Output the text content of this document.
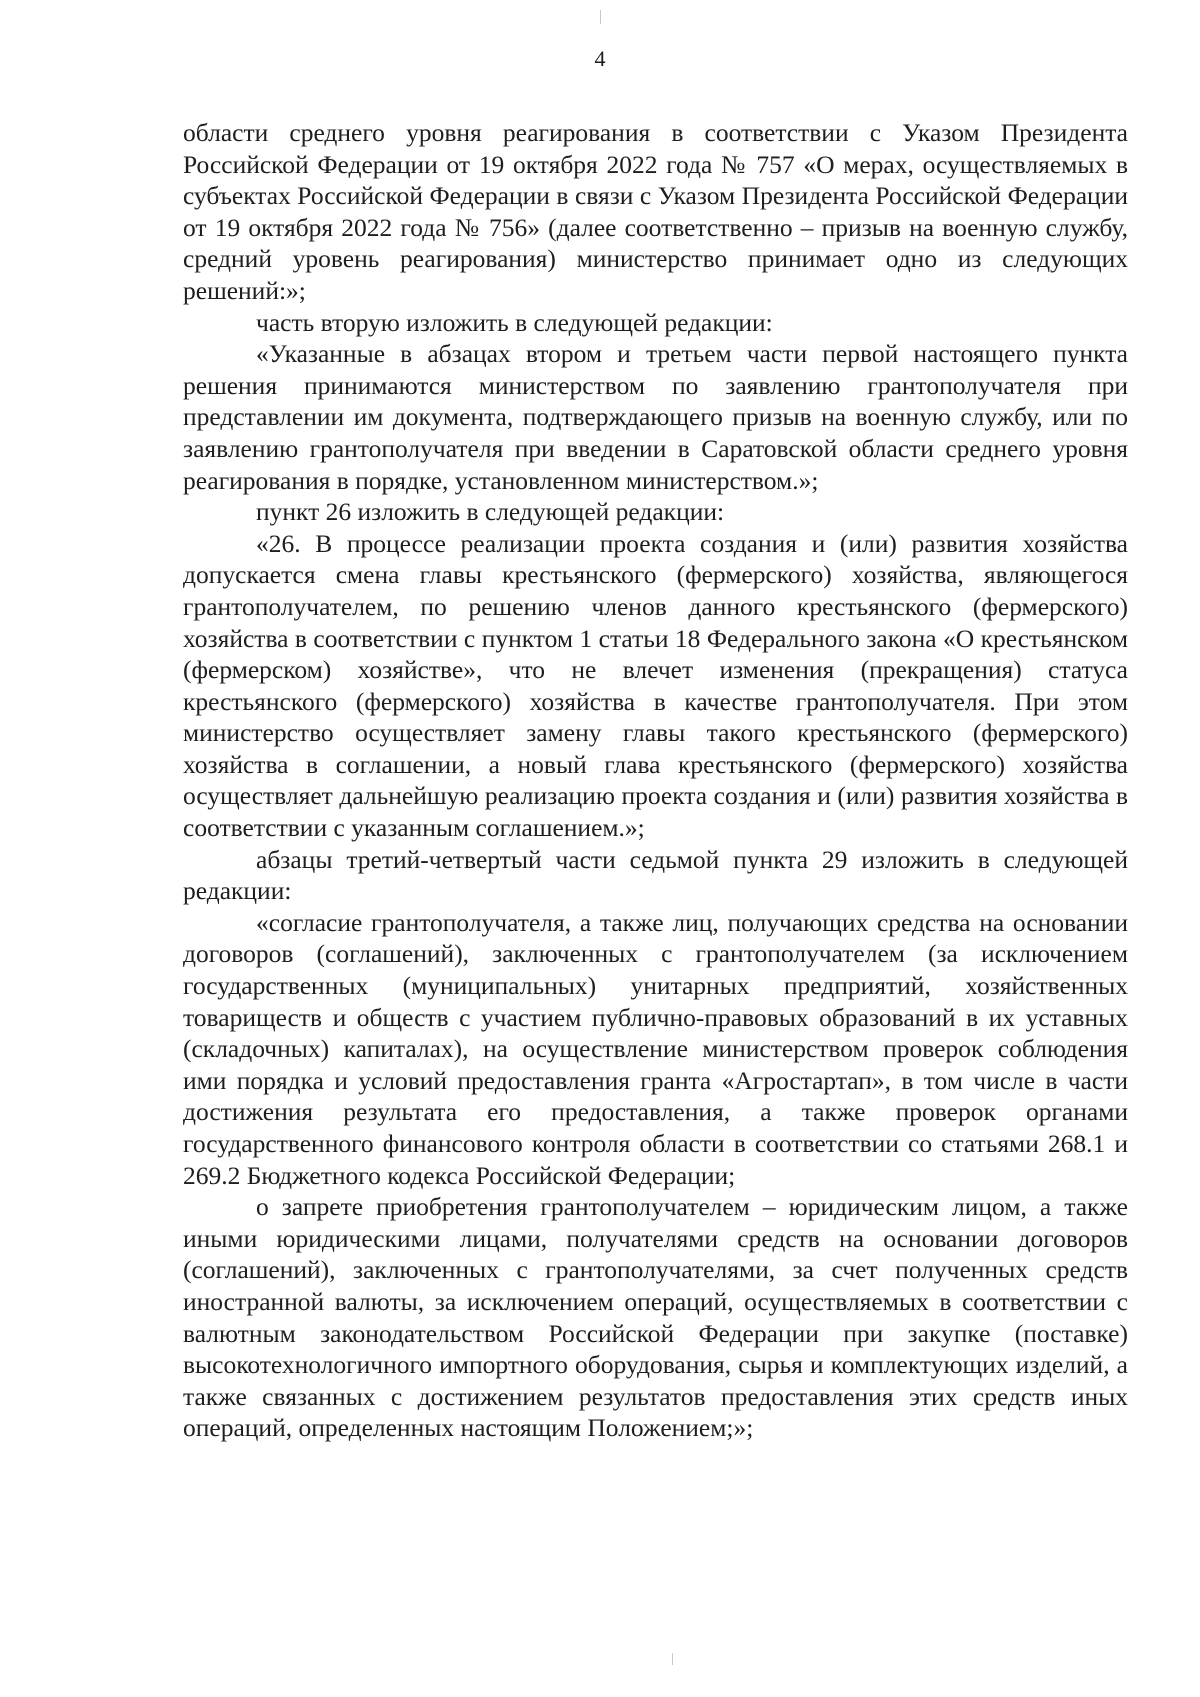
4

области среднего уровня реагирования в соответствии с Указом Президента Российской Федерации от 19 октября 2022 года № 757 «О мерах, осуществляемых в субъектах Российской Федерации в связи с Указом Президента Российской Федерации от 19 октября 2022 года № 756» (далее соответственно – призыв на военную службу, средний уровень реагирования) министерство принимает одно из следующих решений:»;

часть вторую изложить в следующей редакции:

«Указанные в абзацах втором и третьем части первой настоящего пункта решения принимаются министерством по заявлению грантополучателя при представлении им документа, подтверждающего призыв на военную службу, или по заявлению грантополучателя при введении в Саратовской области среднего уровня реагирования в порядке, установленном министерством.»;

пункт 26 изложить в следующей редакции:

«26. В процессе реализации проекта создания и (или) развития хозяйства допускается смена главы крестьянского (фермерского) хозяйства, являющегося грантополучателем, по решению членов данного крестьянского (фермерского) хозяйства в соответствии с пунктом 1 статьи 18 Федерального закона «О крестьянском (фермерском) хозяйстве», что не влечет изменения (прекращения) статуса крестьянского (фермерского) хозяйства в качестве грантополучателя. При этом министерство осуществляет замену главы такого крестьянского (фермерского) хозяйства в соглашении, а новый глава крестьянского (фермерского) хозяйства осуществляет дальнейшую реализацию проекта создания и (или) развития хозяйства в соответствии с указанным соглашением.»;

абзацы третий-четвертый части седьмой пункта 29 изложить в следующей редакции:

«согласие грантополучателя, а также лиц, получающих средства на основании договоров (соглашений), заключенных с грантополучателем (за исключением государственных (муниципальных) унитарных предприятий, хозяйственных товариществ и обществ с участием публично-правовых образований в их уставных (складочных) капиталах), на осуществление министерством проверок соблюдения ими порядка и условий предоставления гранта «Агростартап», в том числе в части достижения результата его предоставления, а также проверок органами государственного финансового контроля области в соответствии со статьями 268.1 и 269.2 Бюджетного кодекса Российской Федерации;

о запрете приобретения грантополучателем – юридическим лицом, а также иными юридическими лицами, получателями средств на основании договоров (соглашений), заключенных с грантополучателями, за счет полученных средств иностранной валюты, за исключением операций, осуществляемых в соответствии с валютным законодательством Российской Федерации при закупке (поставке) высокотехнологичного импортного оборудования, сырья и комплектующих изделий, а также связанных с достижением результатов предоставления этих средств иных операций, определенных настоящим Положением;»;
